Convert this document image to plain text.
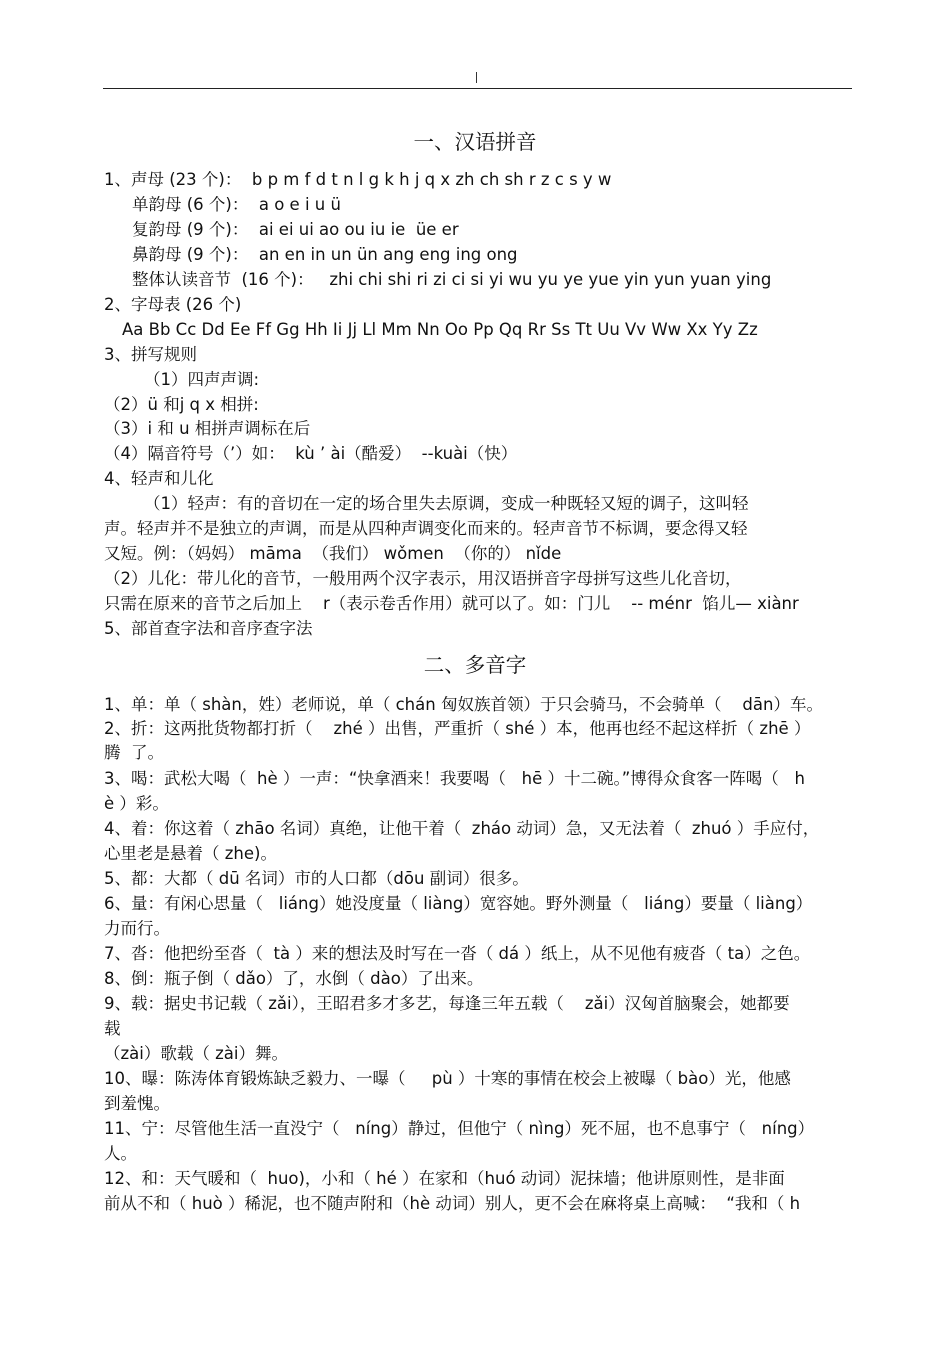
一、汉语拼音
1、声母 (23 个)：  b p m f d t n l g k h j q x zh ch sh r z c s y w
单韵母 (6 个)：  a o e i u ü
复韵母 (9 个)：  ai ei ui ao ou iu ie  üe er
鼻韵母 (9 个)：  an en in un ün ang eng ing ong
整体认读音节  (16 个)：   zhi chi shi ri zi ci si yi wu yu ye yue yin yun yuan ying
2、字母表 (26 个)
Aa Bb Cc Dd Ee Ff Gg Hh Ii Jj Ll Mm Nn Oo Pp Qq Rr Ss Tt Uu Vv Ww Xx Yy Zz
3、拼写规则
（1）四声声调:
（2）ü 和j q x 相拼:
（3）i 和 u 相拼声调标在后
（4）隔音符号（’）如：  kù ’ ài（酷爱）  --kuài（快）
4、轻声和儿化
（1）轻声：有的音切在一定的场合里失去原调，变成一种既轻又短的调子，这叫轻
声。轻声并不是独立的声调，而是从四种声调变化而来的。轻声音节不标调，要念得又轻
又短。例：（妈妈） māma  （我们） wǒmen  （你的） nǐde
（2）儿化：带儿化的音节，一般用两个汉字表示，用汉语拼音字母拼写这些儿化音切，
只需在原来的音节之后加上    r（表示卷舌作用）就可以了。如：门儿    -- ménr  馅儿— xiànr
5、部首查字法和音序查字法
二、多音字
1、单：单（ shàn，姓）老师说，单（ chán 匈奴族首领）于只会骑马，不会骑单（    dān）车。
2、折：这两批货物都打折（    zhé ）出售，严重折（ shé ）本，他再也经不起这样折（ zhē ）
腾  了。
3、喝：武松大喝（  hè ）一声：“快拿酒来！我要喝（   hē ）十二碗。”博得众食客一阵喝（   h
è ）彩。
4、着：你这着（ zhāo 名词）真绝，让他干着（  zháo 动词）急，又无法着（  zhuó ）手应付，
心里老是悬着（ zhe)。
5、都：大都（ dū 名词）市的人口都（dōu 副词）很多。
6、量：有闲心思量（   liáng）她没度量（ liàng）宽容她。野外测量（   liáng）要量（ liàng）
力而行。
7、沓：他把纷至沓（  tà ）来的想法及时写在一沓（ dá ）纸上，从不见他有疲沓（ ta）之色。
8、倒：瓶子倒（ dǎo）了，水倒（ dào）了出来。
9、载：据史书记载（ zǎi），王昭君多才多艺，每逢三年五载（    zǎi）汉匈首脑聚会，她都要
载
（zài）歌载（ zài）舞。
10、曝：陈涛体育锻炼缺乏毅力、一曝（     pù ）十寒的事情在校会上被曝（ bào）光，他感
到羞愧。
11、宁：尽管他生活一直没宁（   níng）静过，但他宁（ nìng）死不屈，也不息事宁（   níng）
人。
12、和：天气暖和（  huo)，小和（ hé ）在家和（huó 动词）泥抹墙；他讲原则性，是非面
前从不和（ huò ）稀泥，也不随声附和（hè 动词）别人，更不会在麻将桌上高喊：  “我和（ h
